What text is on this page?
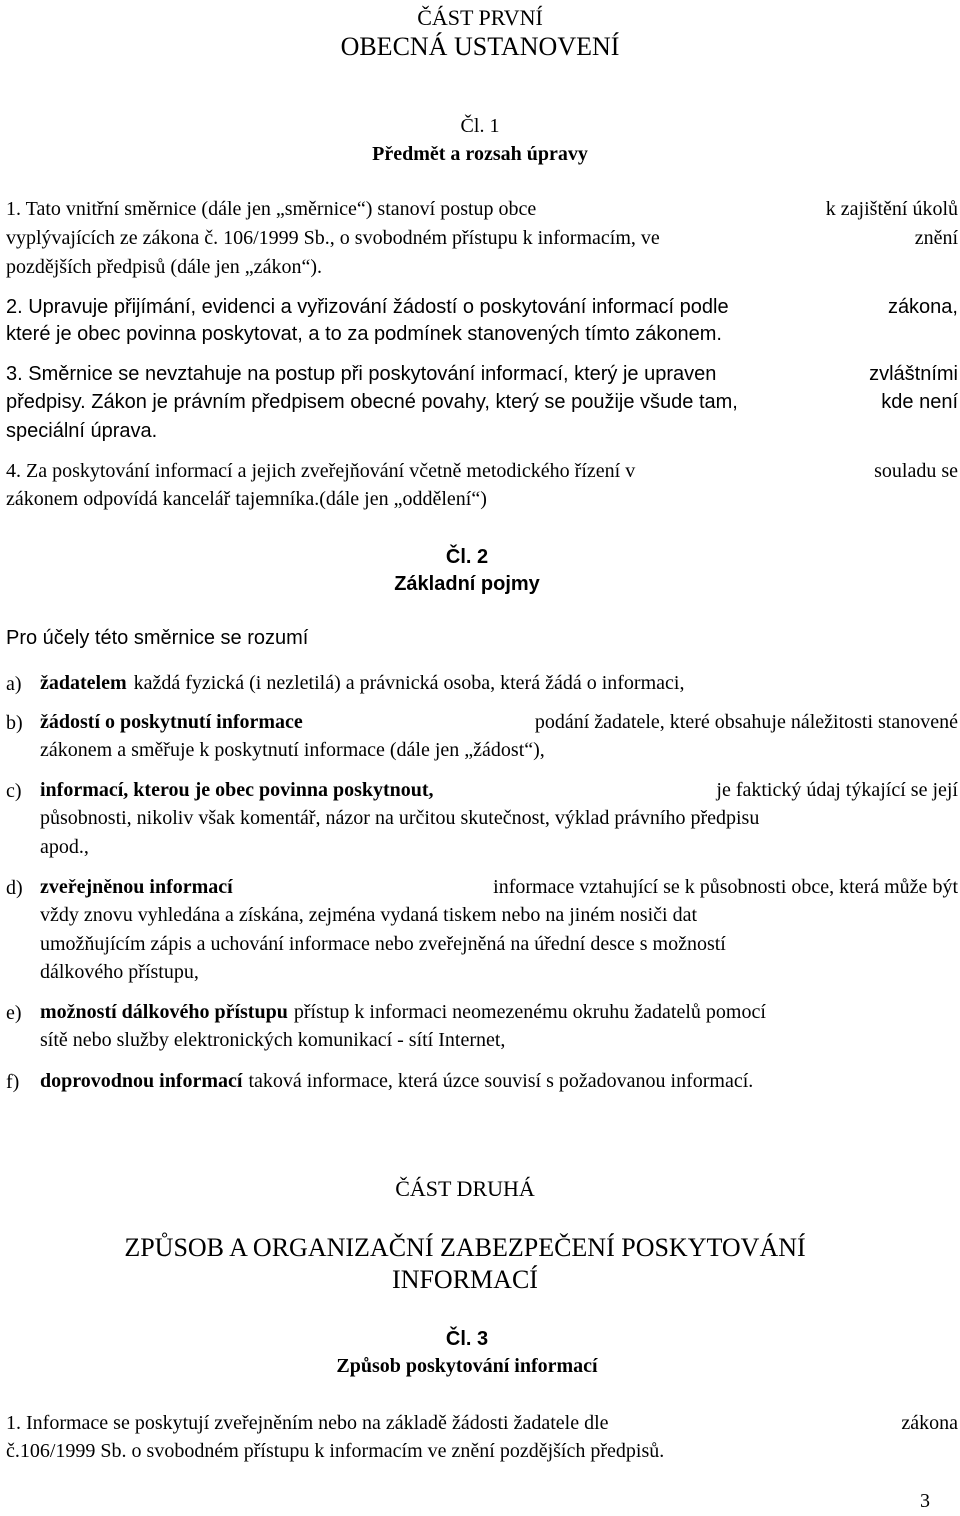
ČÁST PRVNÍ
OBECNÁ USTANOVENÍ
Čl. 1
Předmět a rozsah úpravy
1. Tato vnitřní směrnice (dále jen „směrnice“) stanoví postup obce	k zajištění úkolů
vyplývajících ze zákona č. 106/1999 Sb., o svobodném přístupu k informacím, ve	znění
pozdějších předpisů (dále jen „zákon“).
2. Upravuje přijímání, evidenci a vyřizování žádostí o poskytování informací podle	zákona,
které je obec povinna poskytovat, a to za podmínek stanovených tímto zákonem.
3. Směrnice se nevztahuje na postup při poskytování informací, který je upraven	zvláštními
předpisy. Zákon je právním předpisem obecné povahy, který se použije všude tam,	kde není
speciální úprava.
4. Za poskytování informací a jejich zveřejňování včetně metodického řízení v	souladu se
zákonem odpovídá kancelář tajemníka.(dále jen „oddělení“)
Čl. 2
Základní pojmy
Pro účely této směrnice se rozumí
a) žadatelem každá fyzická (i nezletilá) a právnická osoba, která žádá o informaci,
b) žádostí o poskytnutí informace	podání žadatele, které obsahuje náležitosti stanovené
zákonem a směřuje k poskytnutí informace (dále jen „žádost“),
c) informací, kterou je obec povinna poskytnout,	je faktický údaj týkající se její
působnosti, nikoliv však komentář, názor na určitou skutečnost, výklad právního předpisu
apod.,
d) zveřejněnou informací	informace vztahující se k působnosti obce, která může být
vždy znovu vyhledána a získána, zejména vydaná tiskem nebo na jiném nosiči dat
umožňujícím zápis a uchování informace nebo zveřejněná na úřední desce s možností
dálkového přístupu,
e) možností dálkového přístupu přístup k informaci neomezenému okruhu žadatelů pomocí
sítě nebo služby elektronických komunikací - sítí Internet,
f) doprovodnou informací taková informace, která úzce souvisí s požadovanou informací.
ČÁST DRUHÁ
ZPŮSOB A ORGANIZAČNÍ ZABEZPEČENÍ POSKYTOVÁNÍ
INFORMACÍ
Čl. 3
Způsob poskytování informací
1. Informace se poskytují zveřejněním nebo na základě žádosti žadatele dle	zákona
č.106/1999 Sb. o svobodném přístupu k informacím ve znění pozdějších předpisů.
3
